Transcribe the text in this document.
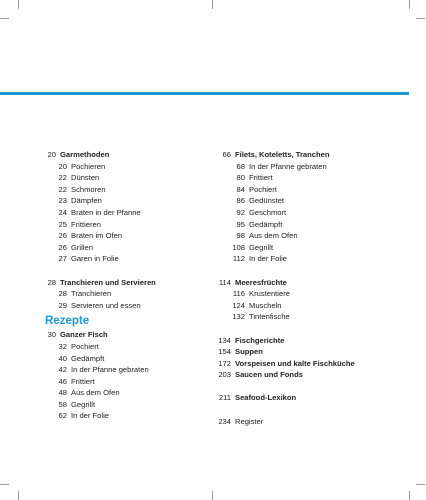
20 Garmethoden
20 Pochieren
22 Dünsten
22 Schmoren
23 Dämpfen
24 Braten in der Pfanne
25 Frittieren
26 Braten im Ofen
26 Grillen
27 Garen in Folie
28 Tranchieren und Servieren
28 Tranchieren
29 Servieren und essen
Rezepte
30 Ganzer Fisch
32 Pochiert
40 Gedämpft
42 In der Pfanne gebraten
46 Frittiert
48 Aus dem Ofen
58 Gegrillt
62 In der Folie
66 Filets, Koteletts, Tranchen
68 In der Pfanne gebraten
80 Frittiert
84 Pochiert
86 Gedünstet
92 Geschmort
95 Gedämpft
98 Aus dem Ofen
108 Gegrillt
112 In der Folie
114 Meeresfrüchte
116 Krustentiere
124 Muscheln
132 Tintenfische
134 Fischgerichte
154 Suppen
172 Vorspeisen und kalte Fischküche
203 Saucen und Fonds
211 Seafood-Lexikon
234 Register
